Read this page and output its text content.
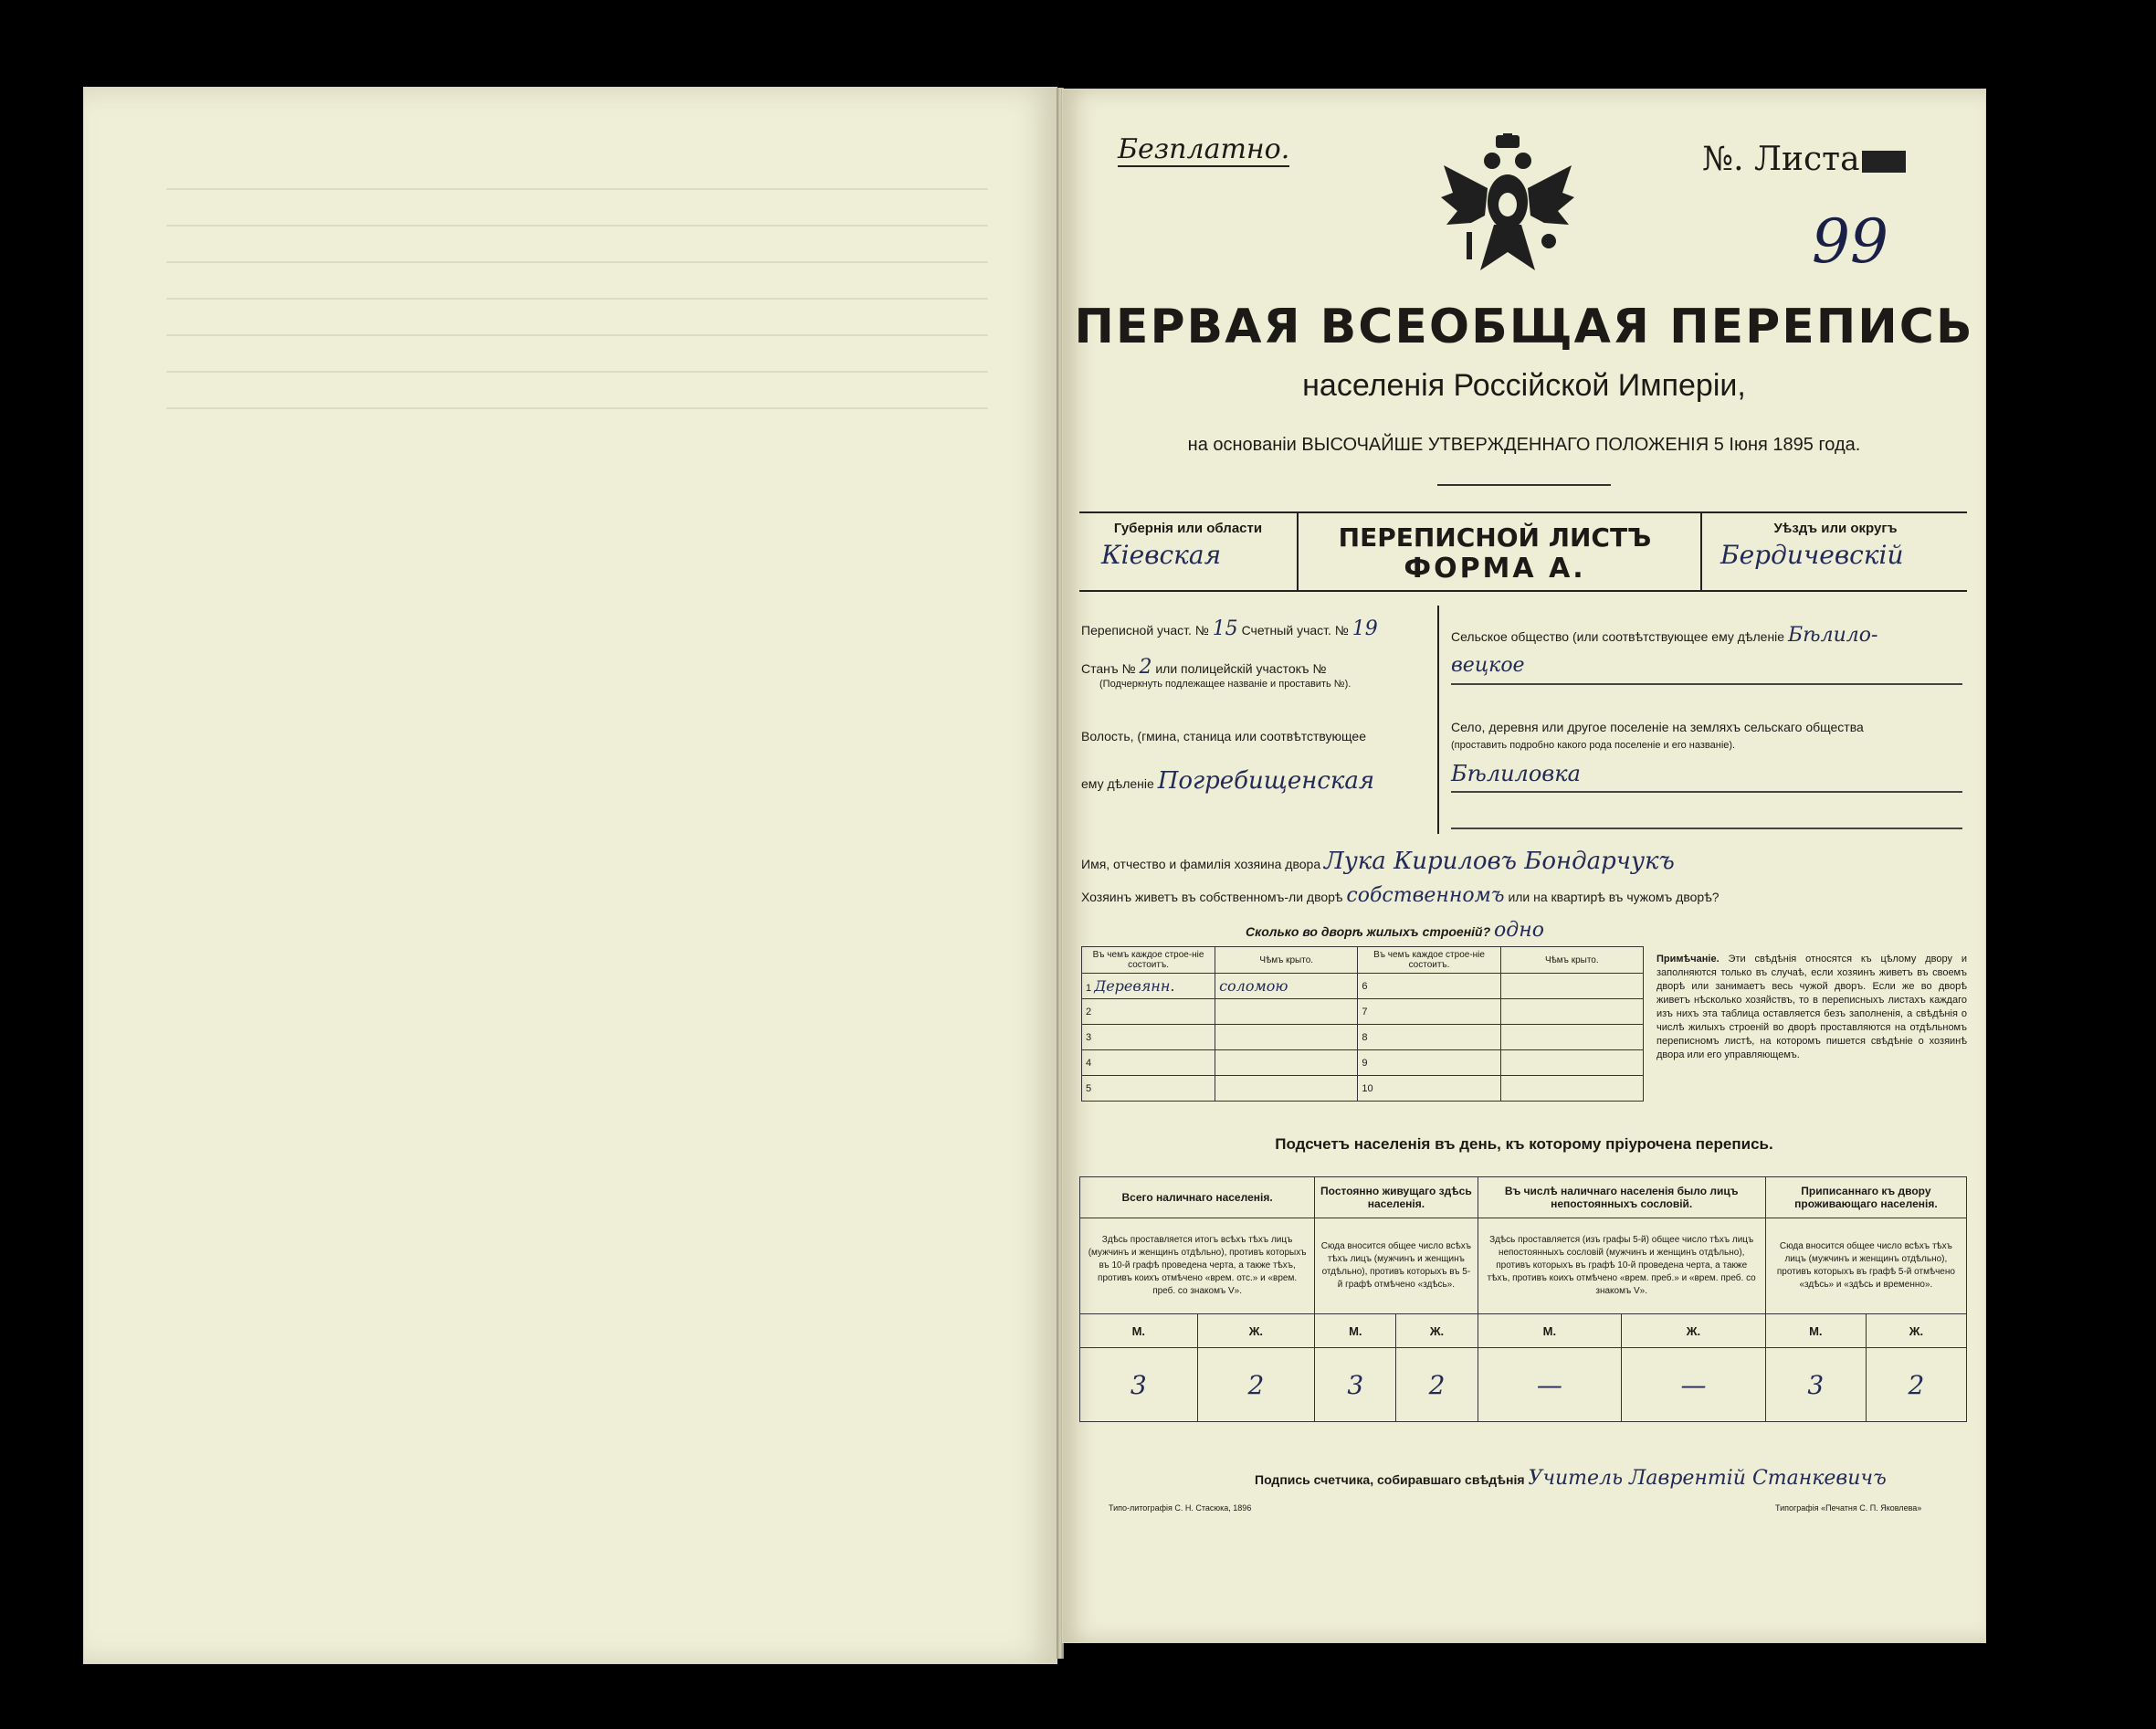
Безплатно.	№. Листа
99
ПЕРВАЯ ВСЕОБЩАЯ ПЕРЕПИСЬ
населенія Россійской Имперіи,
на основаніи ВЫСОЧАЙШЕ УТВЕРЖДЕННАГО ПОЛОЖЕНІЯ 5 Іюня 1895 года.
Губернія или области
Кіевская
ПЕРЕПИСНОЙ ЛИСТЪ
ФОРМА А.
Уѣздъ или округъ
Бердичевскій
Переписной участ. № 15 Счетный участ. № 19
Станъ № 2 или полицейскій участокъ №
(Подчеркнуть подлежащее названіе и проставить №).
Волость, (гмина, станица или соотвѣтствующее
ему дѣленіе Погребищенская
Сельское общество (или соотвѣтствующее ему дѣленіе Бѣлило-
вецкое
Село, деревня или другое поселеніе на земляхъ сельскаго общества
(проставить подробно какого рода поселеніе и его названіе).
Бѣлиловка
Имя, отчество и фамилія хозяина двора Лука Кириловъ Бондарчукъ
Хозяинъ живетъ въ собственномъ-ли дворѣ собственномъ или на квартирѣ въ чужомъ дворѣ?
Сколько во дворѣ жилыхъ строеній? одно
Въ чемъ каждое строе-ніе состоитъ.	Чѣмъ крыто.	Въ чемъ каждое строе-ніе состоитъ.	Чѣмъ крыто.
1 Деревянн.	соломою	6	
2		7	
3		8	
4		9	
5		10	
Примѣчаніе. Эти свѣдѣнія относятся къ цѣлому двору и заполняются только въ случаѣ, если хозяинъ живетъ въ своемъ дворѣ или занимаетъ весь чужой дворъ. Если же во дворѣ живетъ нѣсколько хозяйствъ, то в переписныхъ листахъ каждаго изъ нихъ эта таблица оставляется безъ заполненія, а свѣдѣнія о числѣ жилыхъ строеній во дворѣ проставляются на отдѣльномъ переписномъ листѣ, на которомъ пишется свѣдѣніе о хозяинѣ двора или его управляющемъ.
Подсчетъ населенія въ день, къ которому пріурочена перепись.
Всего наличнаго населенія.		Постоянно живущаго здѣсь населенія.		Въ числѣ наличнаго населенія было лицъ непостоянныхъ сословій.		Приписаннаго къ двору проживающаго населенія.	
Здѣсь проставляется итогъ всѣхъ тѣхъ лицъ (мужчинъ и женщинъ отдѣльно), противъ которыхъ въ 10-й графѣ проведена черта, а также тѣхъ, противъ коихъ отмѣчено «врем. отс.» и «врем. преб. со знакомъ V».		Сюда вносится общее число всѣхъ тѣхъ лицъ (мужчинъ и женщинъ отдѣльно), противъ которыхъ въ 5-й графѣ отмѣчено «здѣсь».		Здѣсь проставляется (изъ графы 5-й) общее число тѣхъ лицъ непостоянныхъ сословій (мужчинъ и женщинъ отдѣльно), противъ которыхъ въ графѣ 10-й проведена черта, а также тѣхъ, противъ коихъ отмѣчено «врем. преб.» и «врем. преб. со знакомъ V».		Сюда вносится общее число всѣхъ тѣхъ лицъ (мужчинъ и женщинъ отдѣльно), противъ которыхъ въ графѣ 5-й отмѣчено «здѣсь» и «здѣсь и временно».	
М.	Ж.	М.	Ж.	М.	Ж.	М.	Ж.
3	2	3	2	—	—	3	2
Подпись счетчика, собиравшаго свѣдѣнія Учитель Лаврентій Станкевичъ
Типо-литографія С. Н. Стасюка, 1896	Типографія «Печатня С. П. Яковлева»
